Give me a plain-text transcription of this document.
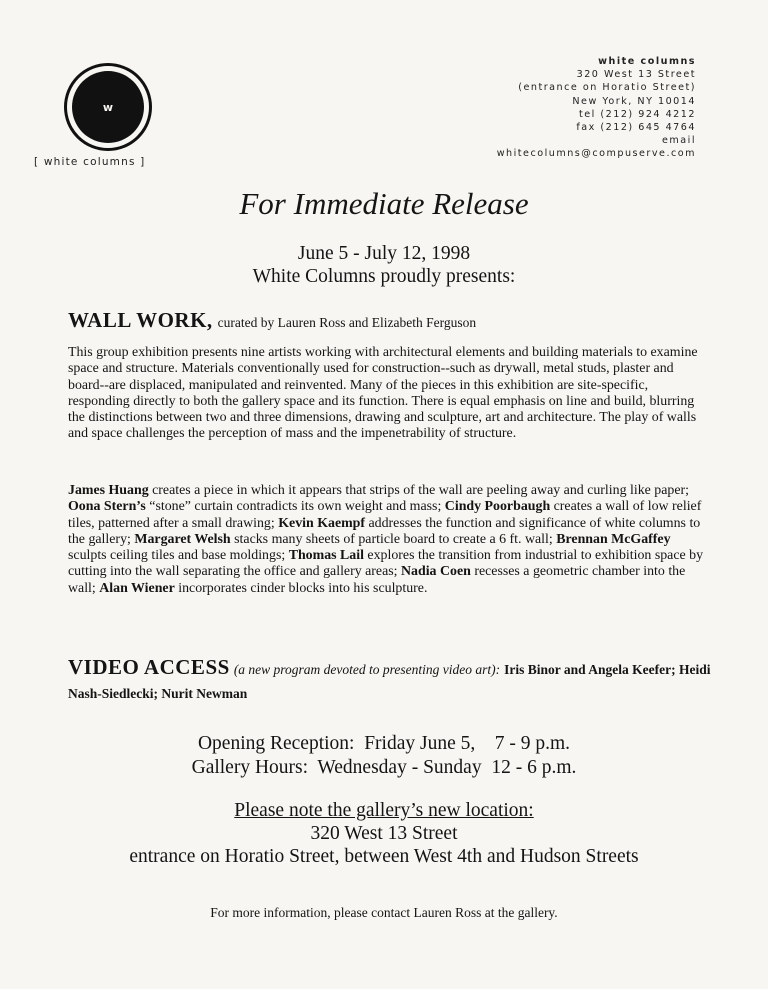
w
[ white columns ]
white columns
320 West 13 Street
(entrance on Horatio Street)
New York, NY 10014
tel (212) 924 4212
fax (212) 645 4764
email
whitecolumns@compuserve.com
For Immediate Release
June 5 - July 12, 1998
White Columns proudly presents:
WALL WORK, curated by Lauren Ross and Elizabeth Ferguson
This group exhibition presents nine artists working with architectural elements and building materials to examine space and structure. Materials conventionally used for construction--such as drywall, metal studs, plaster and board--are displaced, manipulated and reinvented. Many of the pieces in this exhibition are site-specific, responding directly to both the gallery space and its function. There is equal emphasis on line and build, blurring the distinctions between two and three dimensions, drawing and sculpture, art and architecture. The play of walls and space challenges the perception of mass and the impenetrability of structure.
James Huang creates a piece in which it appears that strips of the wall are peeling away and curling like paper; Oona Stern’s “stone” curtain contradicts its own weight and mass; Cindy Poorbaugh creates a wall of low relief tiles, patterned after a small drawing; Kevin Kaempf addresses the function and significance of white columns to the gallery; Margaret Welsh stacks many sheets of particle board to create a 6 ft. wall; Brennan McGaffey sculpts ceiling tiles and base moldings; Thomas Lail explores the transition from industrial to exhibition space by cutting into the wall separating the office and gallery areas; Nadia Coen recesses a geometric chamber into the wall; Alan Wiener incorporates cinder blocks into his sculpture.
VIDEO ACCESS (a new program devoted to presenting video art): Iris Binor and Angela Keefer; Heidi Nash-Siedlecki; Nurit Newman
Opening Reception:  Friday June 5,    7 - 9 p.m.
Gallery Hours:  Wednesday - Sunday  12 - 6 p.m.
Please note the gallery’s new location:
320 West 13 Street
entrance on Horatio Street, between West 4th and Hudson Streets
For more information, please contact Lauren Ross at the gallery.
